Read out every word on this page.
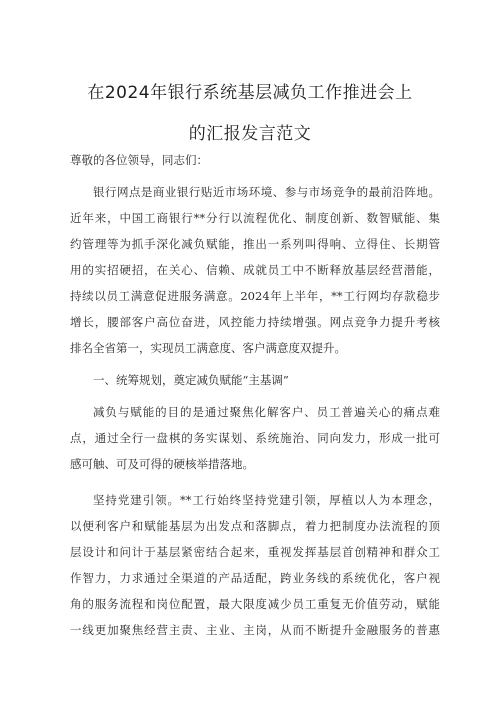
在2024年银行系统基层减负工作推进会上
的汇报发言范文
尊敬的各位领导，同志们：
银行网点是商业银行贴近市场环境、参与市场竞争的最前沿阵地。
近年来，中国工商银行**分行以流程优化、制度创新、数智赋能、集
约管理等为抓手深化减负赋能，推出一系列叫得响、立得住、长期管
用的实招硬招，在关心、信赖、成就员工中不断释放基层经营潜能，
持续以员工满意促进服务满意。2024年上半年，**工行网均存款稳步
增长，腰部客户高位奋进，风控能力持续增强。网点竞争力提升考核
排名全省第一，实现员工满意度、客户满意度双提升。
一、统筹规划，奠定减负赋能“主基调”
减负与赋能的目的是通过聚焦化解客户、员工普遍关心的痛点难
点，通过全行一盘棋的务实谋划、系统施治、同向发力，形成一批可
感可触、可及可得的硬核举措落地。
坚持党建引领。**工行始终坚持党建引领，厚植以人为本理念，
以便利客户和赋能基层为出发点和落脚点，着力把制度办法流程的顶
层设计和问计于基层紧密结合起来，重视发挥基层首创精神和群众工
作智力，力求通过全渠道的产品适配，跨业务线的系统优化，客户视
角的服务流程和岗位配置，最大限度减少员工重复无价值劳动，赋能
一线更加聚焦经营主责、主业、主岗，从而不断提升金融服务的普惠
